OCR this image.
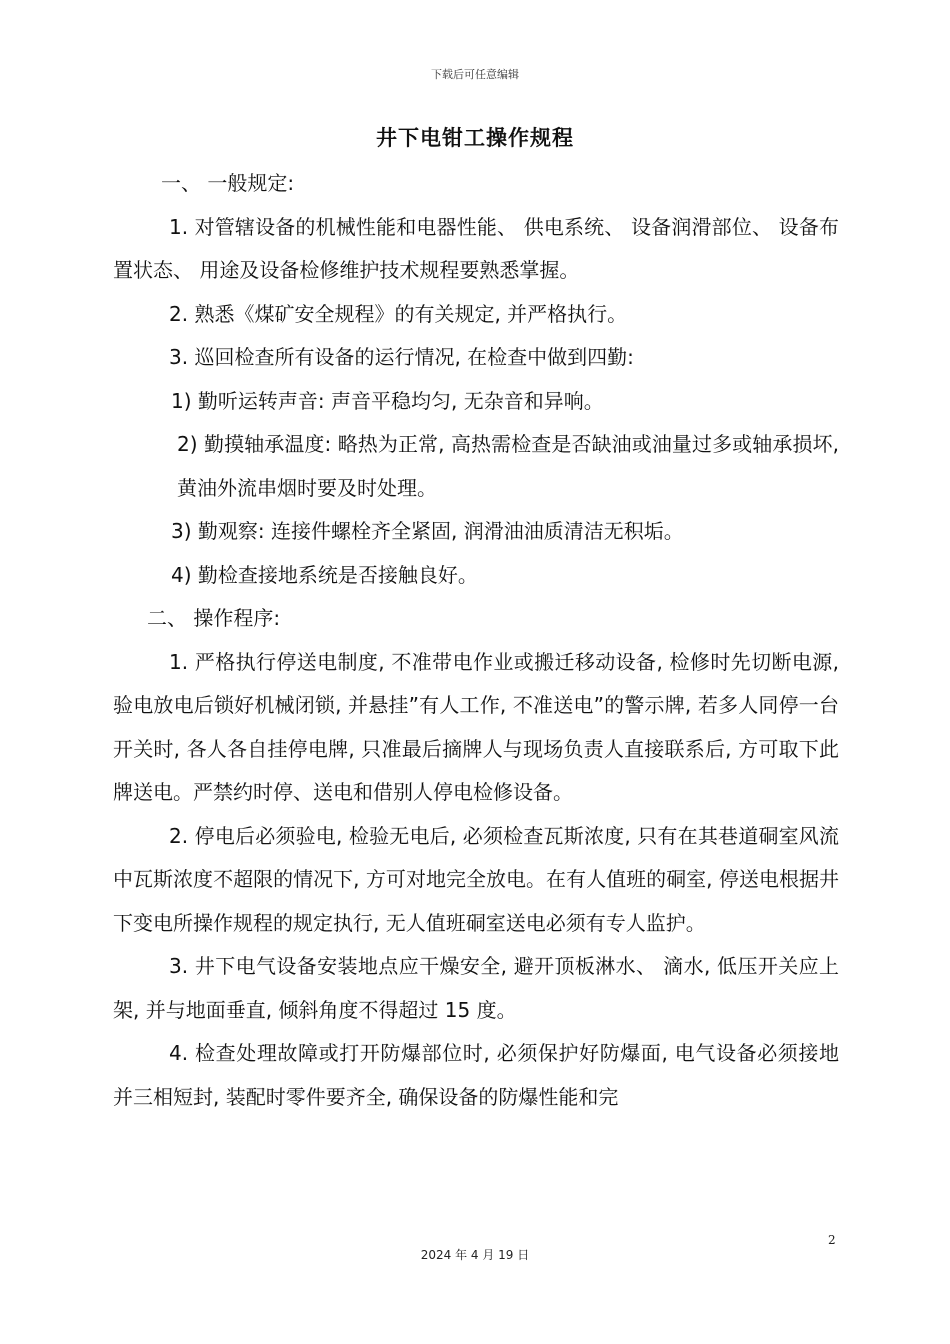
下载后可任意编辑
井下电钳工操作规程

一、 一般规定:

1. 对管辖设备的机械性能和电器性能、 供电系统、 设备润滑部位、 设备布置状态、 用途及设备检修维护技术规程要熟悉掌握。

2. 熟悉《煤矿安全规程》的有关规定, 并严格执行。

3. 巡回检查所有设备的运行情况, 在检查中做到四勤:

1) 勤听运转声音: 声音平稳均匀, 无杂音和异响。

2) 勤摸轴承温度: 略热为正常, 高热需检查是否缺油或油量过多或轴承损坏, 黄油外流串烟时要及时处理。

3) 勤观察: 连接件螺栓齐全紧固, 润滑油油质清洁无积垢。

4) 勤检查接地系统是否接触良好。

二、 操作程序:

1. 严格执行停送电制度, 不准带电作业或搬迁移动设备, 检修时先切断电源, 验电放电后锁好机械闭锁, 并悬挂”有人工作, 不准送电”的警示牌, 若多人同停一台开关时, 各人各自挂停电牌, 只准最后摘牌人与现场负责人直接联系后, 方可取下此牌送电。严禁约时停、送电和借别人停电检修设备。

2. 停电后必须验电, 检验无电后, 必须检查瓦斯浓度, 只有在其巷道硐室风流中瓦斯浓度不超限的情况下, 方可对地完全放电。在有人值班的硐室, 停送电根据井下变电所操作规程的规定执行, 无人值班硐室送电必须有专人监护。

3. 井下电气设备安装地点应干燥安全, 避开顶板淋水、 滴水, 低压开关应上架, 并与地面垂直, 倾斜角度不得超过 15 度。

4. 检查处理故障或打开防爆部位时, 必须保护好防爆面, 电气设备必须接地并三相短封, 装配时零件要齐全, 确保设备的防爆性能和完

2
2024 年 4 月 19 日
